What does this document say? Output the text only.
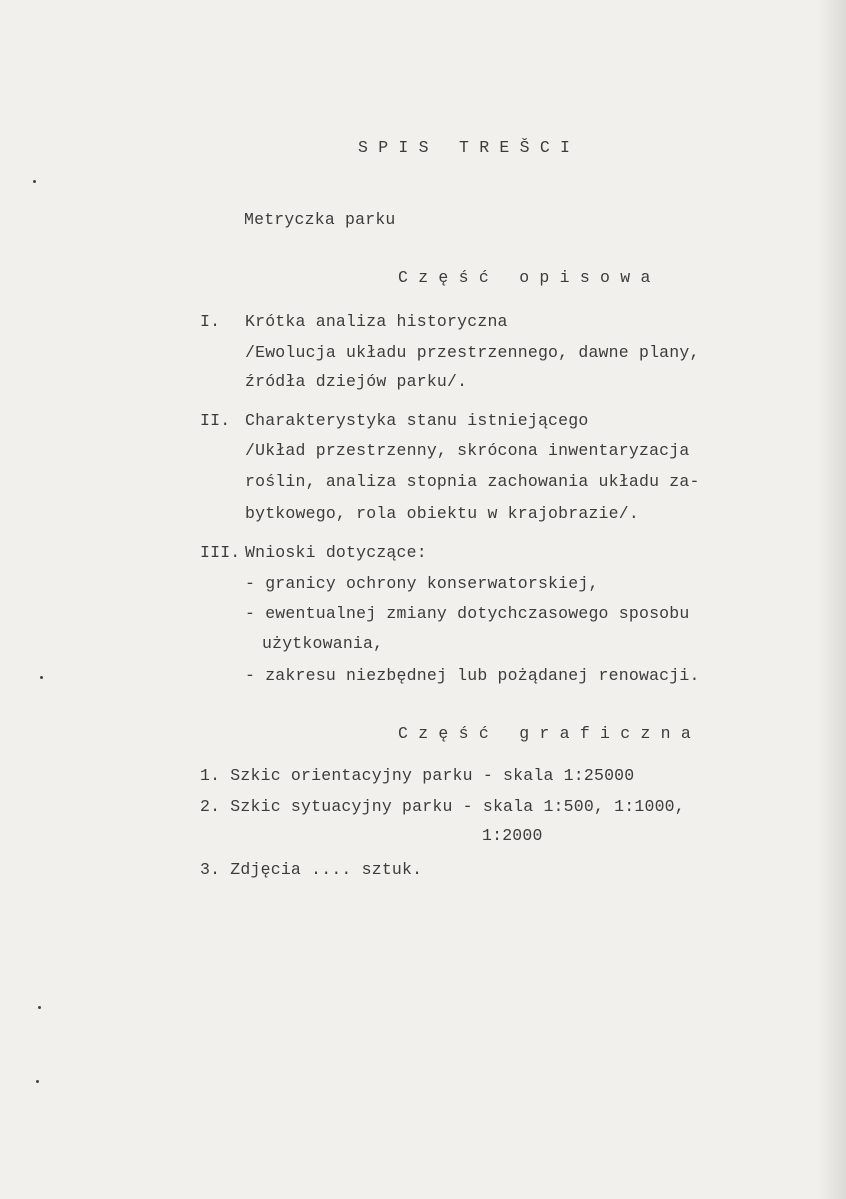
S P I S   T R E Š C I
Metryczka parku
C z ę ś ć   o p i s o w a
I. Krótka analiza historyczna
/Ewolucja układu przestrzennego, dawne plany,
źródła dziejów parku/.
II. Charakterystyka stanu istniejącego
/Układ przestrzenny, skrócona inwentaryzacja
roślin, analiza stopnia zachowania układu za-
bytkowego, rola obiektu w krajobrazie/.
III. Wnioski dotyczące:
- granicy ochrony konserwatorskiej,
- ewentualnej zmiany dotychczasowego sposobu
użytkowania,
- zakresu niezbędnej lub pożądanej renowacji.
C z ę ś ć   g r a f i c z n a
1. Szkic orientacyjny parku - skala 1:25000
2. Szkic sytuacyjny parku - skala 1:500, 1:1000,
1:2000
3. Zdjęcia .... sztuk.
